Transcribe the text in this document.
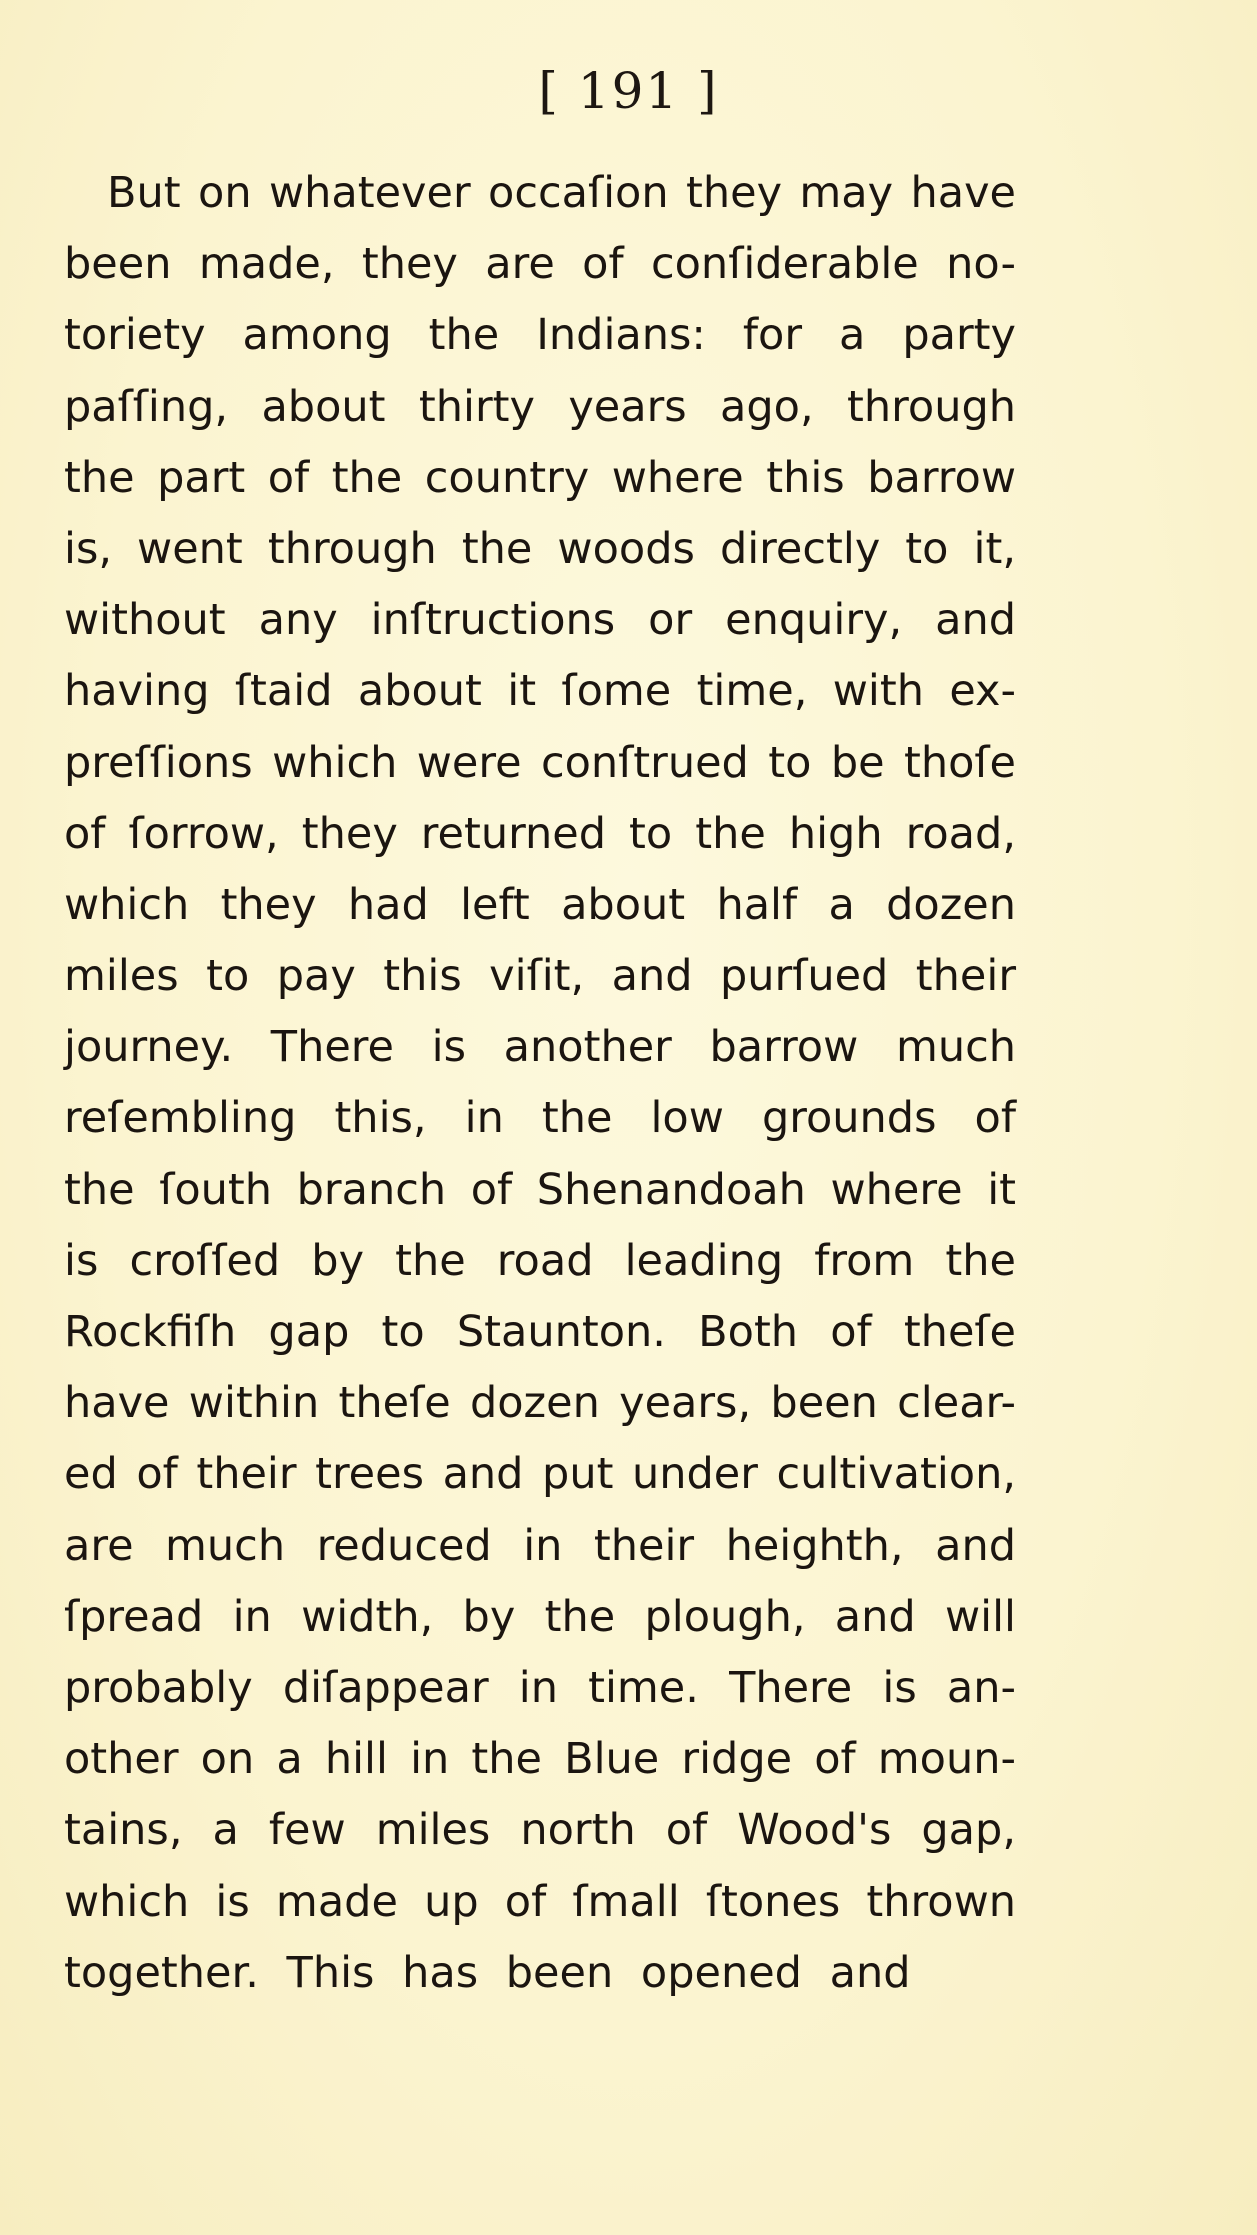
[ 191 ]
But on whatever occaſion they may have
been made, they are of conſiderable no-
toriety among the Indians: for a party
paſſing, about thirty years ago, through
the part of the country where this barrow
is, went through the woods directly to it,
without any inſtructions or enquiry, and
having ſtaid about it ſome time, with ex-
preſſions which were conſtrued to be thoſe
of ſorrow, they returned to the high road,
which they had left about half a dozen
miles to pay this viſit, and purſued their
journey. There is another barrow much
reſembling this, in the low grounds of
the ſouth branch of Shenandoah where it
is croſſed by the road leading from the
Rockfiſh gap to Staunton. Both of theſe
have within theſe dozen years, been clear-
ed of their trees and put under cultivation,
are much reduced in their heighth, and
ſpread in width, by the plough, and will
probably diſappear in time. There is an-
other on a hill in the Blue ridge of moun-
tains, a few miles north of Wood's gap,
which is made up of ſmall ſtones thrown
together. This has been opened and
